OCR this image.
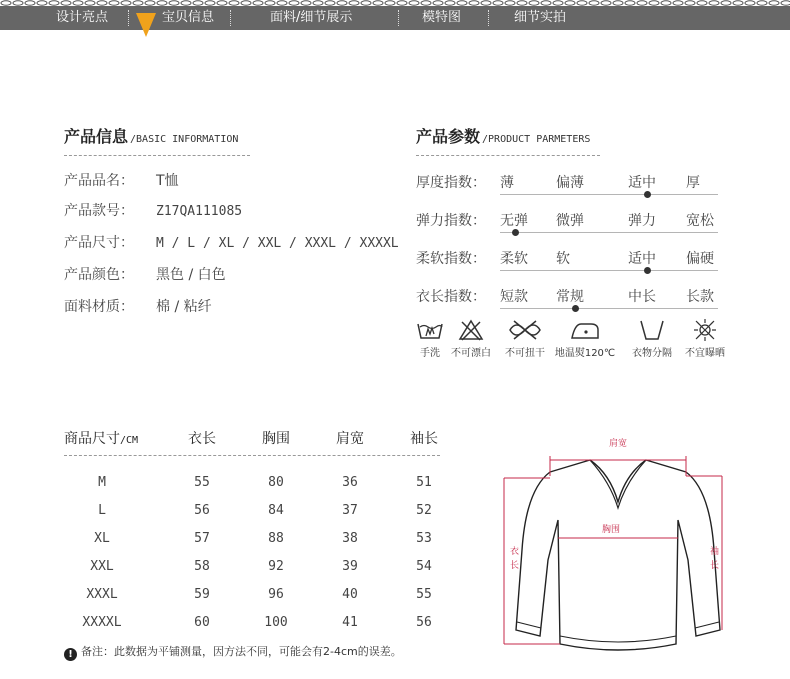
设计亮点	宝贝信息	面料/细节展示	模特图	细节实拍
产品信息 /BASIC INFORMATION
产品品名： T恤
产品款号： Z17QA111085
产品尺寸： M / L / XL / XXL / XXXL / XXXXL
产品颜色： 黑色 / 白色
面料材质： 棉 / 粘纤
产品参数 /PRODUCT PARMETERS
厚度指数： 薄	偏薄	适中 厚
弹力指数： 无弹 微弹	弹力 宽松
柔软指数： 柔软 软	适中 偏硬
衣长指数： 短款 常规	中长 长款
手洗	不可漂白	不可扭干 地温熨120℃	衣物分隔	不宜曝晒
商品尺寸/CM	衣长	胸围	肩宽	袖长
M	55	80	36	51
L	56	84	37	52
XL	57	88	38	53
XXL	58	92	39	54
XXXL	59	96	40	55
XXXXL	60	100	41	56
! 备注：此数据为平铺测量，因方法不同，可能会有2-4cm的误差。
肩宽
胸围
衣
长
袖
长
